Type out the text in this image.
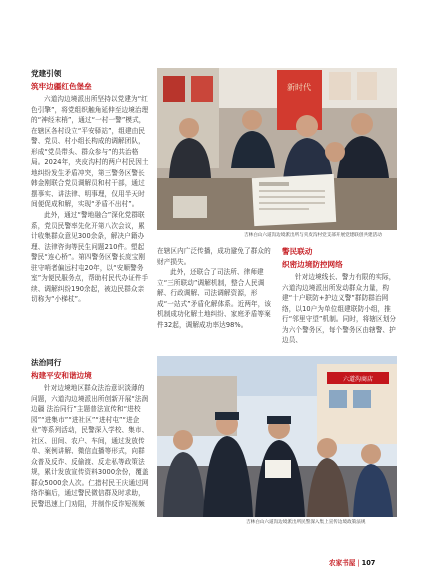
党建引领
筑牢边疆红色堡垒

六道沟边境派出所坚持以党建为“红色引擎”，将党组织触角延伸至边境治理的“神经末梢”，通过“一村一警”模式，在辖区各村设立“平安驿站”，组建由民警、党员、村小组长构成的调解团队，形成“党员带头、群众参与”的共治格局。2024年，夹皮沟村的两户村民因土地纠纷发生矛盾冲突，第三警务区警长韩金刚联合党员调解员和村干部，通过摆事实、讲法律、明事理，仅用半天时间便促成和解，实现“矛盾不出村”。

此外，通过“警地融合”深化党群联系，党员民警率先化开第八次会议，累计收集群众意见300余条，解决户籍办理、法律咨询等民生问题210件。塑起警民“连心桥”。第四警务区警长庞宝刚驻守哨者偏远村屯20年，以“安顺警务室”为便民服务点，帮助村民代办证件手续、调解纠纷190余起，被边民群众亲切称为“小梯杖”。

新时代
吉林白山六道沟边境派出所与夹皮沟村党支部开展党建联创共建活动
法治同行
构建平安和谐边境

针对边境地区群众法治意识淡薄的问题，六道沟边境派出所创新开展“法润边疆 法治同行”主题普法宣传和“进校园”“进集市”“进社区”“进村屯”“进企业”等系列活动，民警深入学校、集市、社区、田间、农户、车间，通过发放传单、案例讲解、微信直播等形式，向群众普及反诈、反偷渡、反走私等政策法规，累计发放宣传资料3000余份，覆盖群众5000余人次。仁措村民王庆通过网络诈骗后，通过警民微信群及时求助，民警迅速上门劝阻，并制作反诈短视频

在辖区内广泛传播，成功避免了群众的财产损失。

此外，还联合了司法所、律师建立“三所联动”调解机制，整合人民调解、行政调解、司法调解资源，形成“一站式”矛盾化解体系。近两年，该机制成功化解土地纠纷、家庭矛盾等案件32起，调解成功率达98%。

警民联动
织密边境防控网络

针对边境线长、警力有限的实际，六道沟边境派出所发动群众力量，构建“十户联防+护边义警”群防群治网络，以10户为单位组建联防小组，推行“邻里守望”机制。同时，将辖区划分为六个警务区，每个警务区由辖警、护边员、

六道沟商店
吉林白山六道沟边境派出所民警深入集上宣传边境政策法规
农家书屋 | 107
